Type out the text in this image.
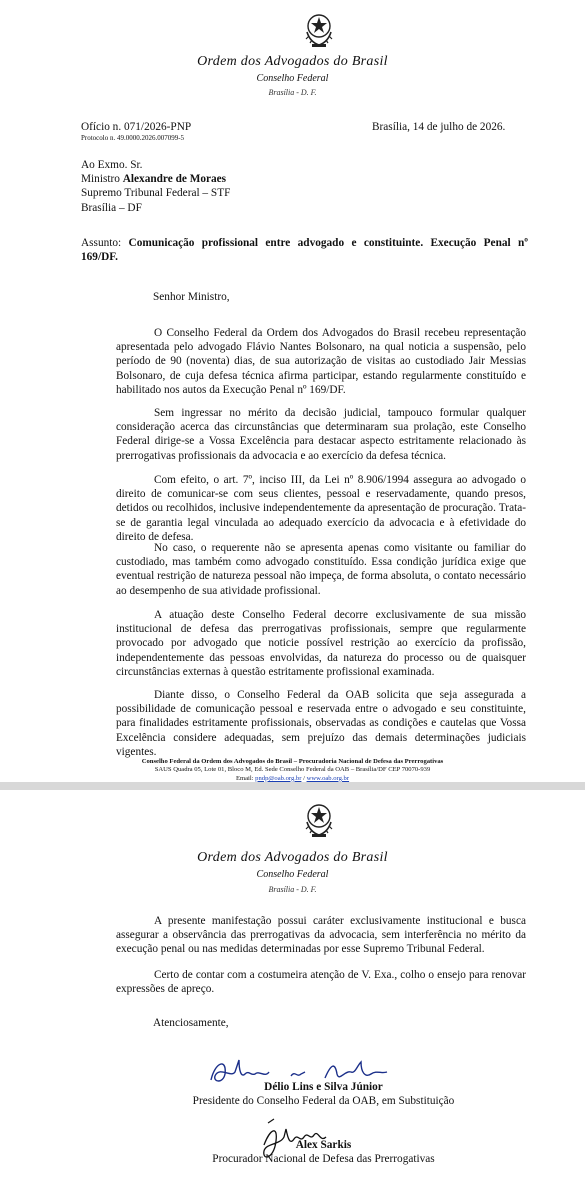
Ordem dos Advogados do Brasil
Conselho Federal
Brasília - D. F.
Ofício n. 071/2026-PNP
Protocolo n. 49.0000.2026.007099-5
Brasília, 14 de julho de 2026.
Ao Exmo. Sr.
Ministro Alexandre de Moraes
Supremo Tribunal Federal – STF
Brasília – DF
Assunto: Comunicação profissional entre advogado e constituinte. Execução Penal nº
169/DF.
Senhor Ministro,
O Conselho Federal da Ordem dos Advogados do Brasil recebeu representação apresentada pelo advogado Flávio Nantes Bolsonaro, na qual noticia a suspensão, pelo período de 90 (noventa) dias, de sua autorização de visitas ao custodiado Jair Messias Bolsonaro, de cuja defesa técnica afirma participar, estando regularmente constituído e habilitado nos autos da Execução Penal nº 169/DF.
Sem ingressar no mérito da decisão judicial, tampouco formular qualquer consideração acerca das circunstâncias que determinaram sua prolação, este Conselho Federal dirige-se a Vossa Excelência para destacar aspecto estritamente relacionado às prerrogativas profissionais da advocacia e ao exercício da defesa técnica.
Com efeito, o art. 7º, inciso III, da Lei nº 8.906/1994 assegura ao advogado o direito de comunicar-se com seus clientes, pessoal e reservadamente, quando presos, detidos ou recolhidos, inclusive independentemente da apresentação de procuração. Trata-se de garantia legal vinculada ao adequado exercício da advocacia e à efetividade do direito de defesa.
No caso, o requerente não se apresenta apenas como visitante ou familiar do custodiado, mas também como advogado constituído. Essa condição jurídica exige que eventual restrição de natureza pessoal não impeça, de forma absoluta, o contato necessário ao desempenho de sua atividade profissional.
A atuação deste Conselho Federal decorre exclusivamente de sua missão institucional de defesa das prerrogativas profissionais, sempre que regularmente provocado por advogado que noticie possível restrição ao exercício da profissão, independentemente das pessoas envolvidas, da natureza do processo ou de quaisquer circunstâncias externas à questão estritamente profissional examinada.
Diante disso, o Conselho Federal da OAB solicita que seja assegurada a possibilidade de comunicação pessoal e reservada entre o advogado e seu constituinte, para finalidades estritamente profissionais, observadas as condições e cautelas que Vossa Excelência considere adequadas, sem prejuízo das demais determinações judiciais vigentes.
Conselho Federal da Ordem dos Advogados do Brasil – Procuradoria Nacional de Defesa das Prerrogativas
SAUS Quadra 05, Lote 01, Bloco M, Ed. Sede Conselho Federal da OAB – Brasília/DF CEP 70070-939
Email: pndp@oab.org.br / www.oab.org.br
Ordem dos Advogados do Brasil
Conselho Federal
Brasília - D. F.
A presente manifestação possui caráter exclusivamente institucional e busca assegurar a observância das prerrogativas da advocacia, sem interferência no mérito da execução penal ou nas medidas determinadas por esse Supremo Tribunal Federal.
Certo de contar com a costumeira atenção de V. Exa., colho o ensejo para renovar expressões de apreço.
Atenciosamente,
Délio Lins e Silva Júnior
Presidente do Conselho Federal da OAB, em Substituição
Alex Sarkis
Procurador Nacional de Defesa das Prerrogativas
